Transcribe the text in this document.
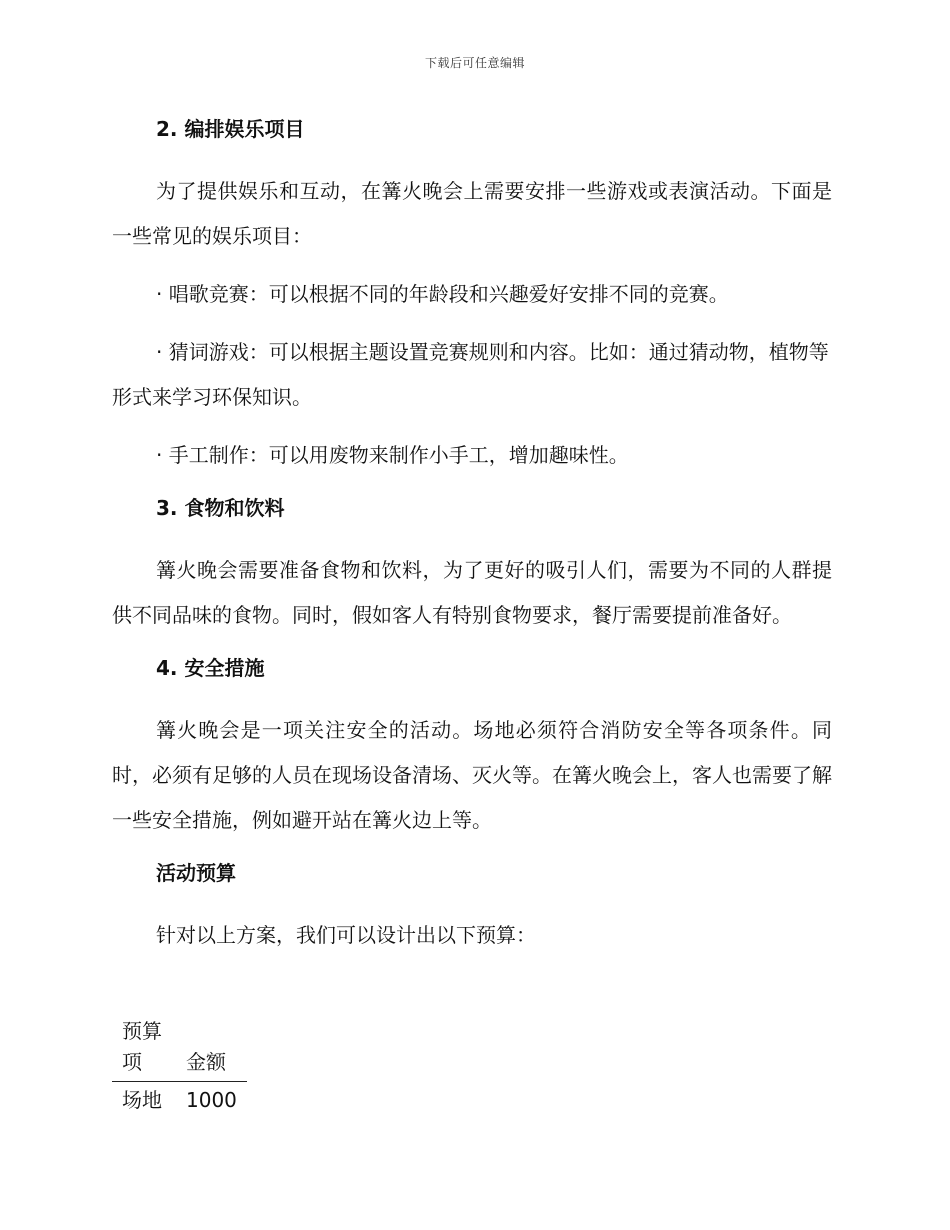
下载后可任意编辑
2. 编排娱乐项目

为了提供娱乐和互动，在篝火晚会上需要安排一些游戏或表演活动。下面是一些常见的娱乐项目：

· 唱歌竞赛：可以根据不同的年龄段和兴趣爱好安排不同的竞赛。

· 猜词游戏：可以根据主题设置竞赛规则和内容。比如：通过猜动物，植物等形式来学习环保知识。

· 手工制作：可以用废物来制作小手工，增加趣味性。

3. 食物和饮料

篝火晚会需要准备食物和饮料，为了更好的吸引人们，需要为不同的人群提供不同品味的食物。同时，假如客人有特别食物要求，餐厅需要提前准备好。

4. 安全措施

篝火晚会是一项关注安全的活动。场地必须符合消防安全等各项条件。同时，必须有足够的人员在现场设备清场、灭火等。在篝火晚会上，客人也需要了解一些安全措施，例如避开站在篝火边上等。

活动预算

针对以上方案，我们可以设计出以下预算：

预算项	金额
场地	1000
